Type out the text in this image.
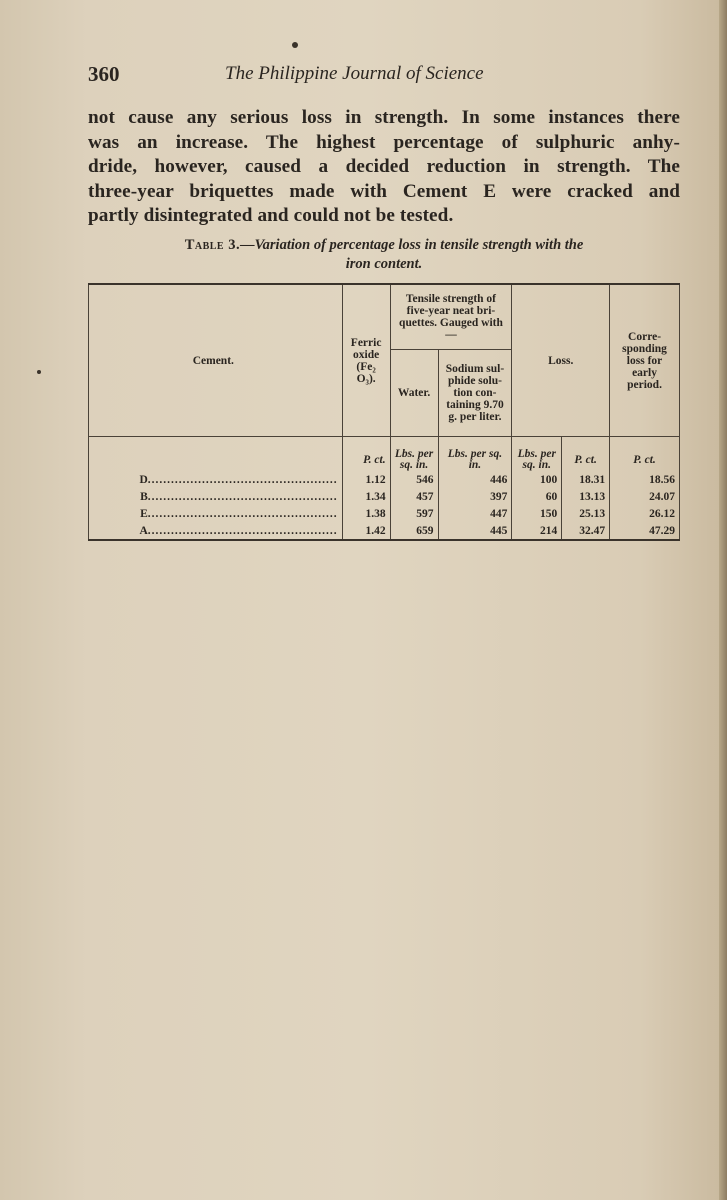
360	The Philippine Journal of Science
not cause any serious loss in strength. In some instances there
was an increase. The highest percentage of sulphuric anhy-
dride, however, caused a decided reduction in strength. The
three-year briquettes made with Cement E were cracked and
partly disintegrated and could not be tested.
Table 3.—Variation of percentage loss in tensile strength with the
iron content.
Cement.	Ferric oxide (Fe₂ O₃).	Tensile strength of five-year neat bri-quettes. Gauged with—		Loss.		Corre-sponding loss for early period.
		Water.	Sodium sul-phide solu-tion con-taining 9.70 g. per liter.			
	P. ct.	Lbs. per sq. in.	Lbs. per sq. in.	Lbs. per sq. in.	P. ct.	P. ct.
D.................................................	1.12	546	446	100	18.31	18.56
B.................................................	1.34	457	397	60	13.13	24.07
E.................................................	1.38	597	447	150	25.13	26.12
A.................................................	1.42	659	445	214	32.47	47.29
